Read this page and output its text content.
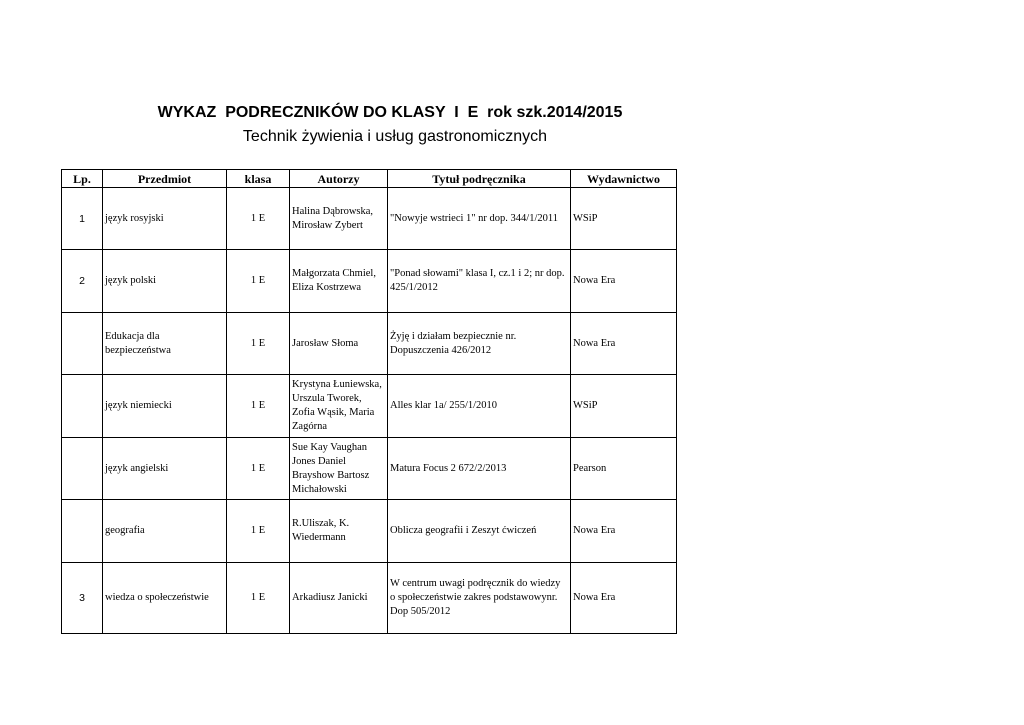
WYKAZ  PODRECZNIKÓW DO KLASY  I  E  rok szk.2014/2015
Technik żywienia i usług gastronomicznych
Lp.	Przedmiot	klasa	Autorzy	Tytuł podręcznika	Wydawnictwo
1	język rosyjski	1 E	Halina Dąbrowska, Mirosław Zybert	"Nowyje wstrieci 1" nr dop. 344/1/2011	WSiP
2	język polski	1 E	Małgorzata Chmiel, Eliza Kostrzewa	"Ponad słowami" klasa I, cz.1 i 2; nr dop. 425/1/2012	Nowa Era
	Edukacja dla bezpieczeństwa	1 E	Jarosław Słoma	Żyję i działam bezpiecznie nr. Dopuszczenia 426/2012	Nowa Era
	język niemiecki	1 E	Krystyna Łuniewska, Urszula Tworek, Zofia Wąsik, Maria Zagórna	Alles klar 1a/ 255/1/2010	WSiP
	język angielski	1 E	Sue Kay Vaughan Jones Daniel Brayshow Bartosz Michałowski	Matura Focus 2 672/2/2013	Pearson
	geografia	1 E	R.Uliszak, K. Wiedermann	Oblicza geografii i Zeszyt ćwiczeń	Nowa Era
3	wiedza o społeczeństwie	1 E	Arkadiusz Janicki	W centrum uwagi podręcznik do wiedzy o społeczeństwie zakres podstawowynr. Dop 505/2012	Nowa Era
